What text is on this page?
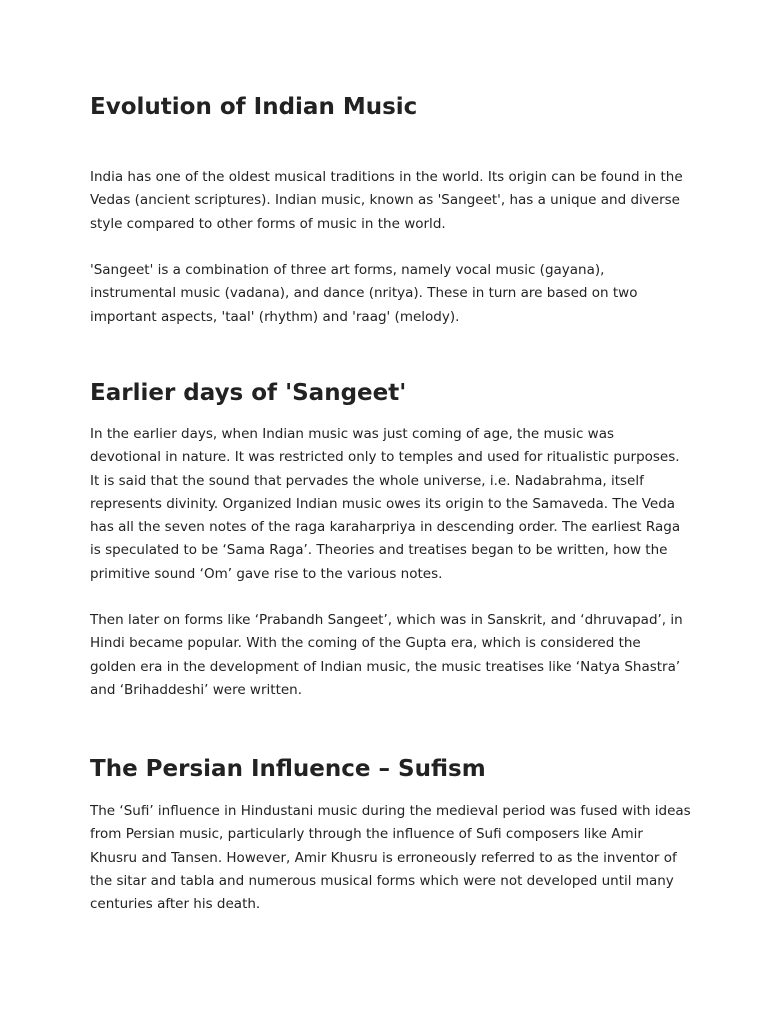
Evolution of Indian Music

India has one of the oldest musical traditions in the world. Its origin can be found in the
Vedas (ancient scriptures). Indian music, known as 'Sangeet', has a unique and diverse
style compared to other forms of music in the world.

'Sangeet' is a combination of three art forms, namely vocal music (gayana),
instrumental music (vadana), and dance (nritya). These in turn are based on two
important aspects, 'taal' (rhythm) and 'raag' (melody).

Earlier days of 'Sangeet'

In the earlier days, when Indian music was just coming of age, the music was
devotional in nature. It was restricted only to temples and used for ritualistic purposes.
It is said that the sound that pervades the whole universe, i.e. Nadabrahma, itself
represents divinity. Organized Indian music owes its origin to the Samaveda. The Veda
has all the seven notes of the raga karaharpriya in descending order. The earliest Raga
is speculated to be ‘Sama Raga’. Theories and treatises began to be written, how the
primitive sound ‘Om’ gave rise to the various notes.

Then later on forms like ‘Prabandh Sangeet’, which was in Sanskrit, and ‘dhruvapad’, in
Hindi became popular. With the coming of the Gupta era, which is considered the
golden era in the development of Indian music, the music treatises like ‘Natya Shastra’
and ‘Brihaddeshi’ were written.

The Persian Influence – Sufism

The ‘Sufi’ influence in Hindustani music during the medieval period was fused with ideas
from Persian music, particularly through the influence of Sufi composers like Amir
Khusru and Tansen. However, Amir Khusru is erroneously referred to as the inventor of
the sitar and tabla and numerous musical forms which were not developed until many
centuries after his death.
